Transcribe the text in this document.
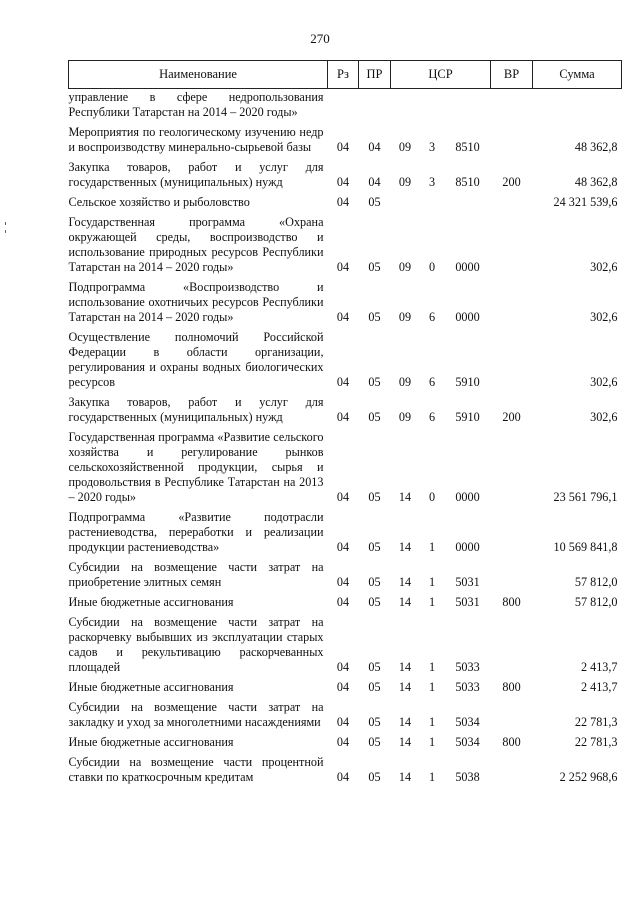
270
Наименование	Рз	ПР	ЦСР			ВР	Сумма
управление в сфере недропользования Республики Татарстан на 2014 – 2020 годы»							
Мероприятия по геологическому изучению недр и воспроизводству минерально-сырьевой базы	04	04	09	3	8510		48 362,8
Закупка товаров, работ и услуг для государственных (муниципальных) нужд	04	04	09	3	8510	200	48 362,8
Сельское хозяйство и рыболовство	04	05					24 321 539,6
Государственная программа «Охрана окружающей среды, воспроизводство и использование природных ресурсов Республики Татарстан на 2014 – 2020 годы»	04	05	09	0	0000		302,6
Подпрограмма «Воспроизводство и использование охотничьих ресурсов Республики Татарстан на 2014 – 2020 годы»	04	05	09	6	0000		302,6
Осуществление полномочий Российской Федерации в области организации, регулирования и охраны водных биологических ресурсов	04	05	09	6	5910		302,6
Закупка товаров, работ и услуг для государственных (муниципальных) нужд	04	05	09	6	5910	200	302,6
Государственная программа «Развитие сельского хозяйства и регулирование рынков сельскохозяйственной продукции, сырья и продовольствия в Республике Татарстан на 2013 – 2020 годы»	04	05	14	0	0000		23 561 796,1
Подпрограмма «Развитие подотрасли растениеводства, переработки и реализации продукции растениеводства»	04	05	14	1	0000		10 569 841,8
Субсидии на возмещение части затрат на приобретение элитных семян	04	05	14	1	5031		57 812,0
Иные бюджетные ассигнования	04	05	14	1	5031	800	57 812,0
Субсидии на возмещение части затрат на раскорчевку выбывших из эксплуатации старых садов и рекультивацию раскорчеванных площадей	04	05	14	1	5033		2 413,7
Иные бюджетные ассигнования	04	05	14	1	5033	800	2 413,7
Субсидии на возмещение части затрат на закладку и уход за многолетними насаждениями	04	05	14	1	5034		22 781,3
Иные бюджетные ассигнования	04	05	14	1	5034	800	22 781,3
Субсидии на возмещение части процентной ставки по краткосрочным кредитам	04	05	14	1	5038		2 252 968,6
